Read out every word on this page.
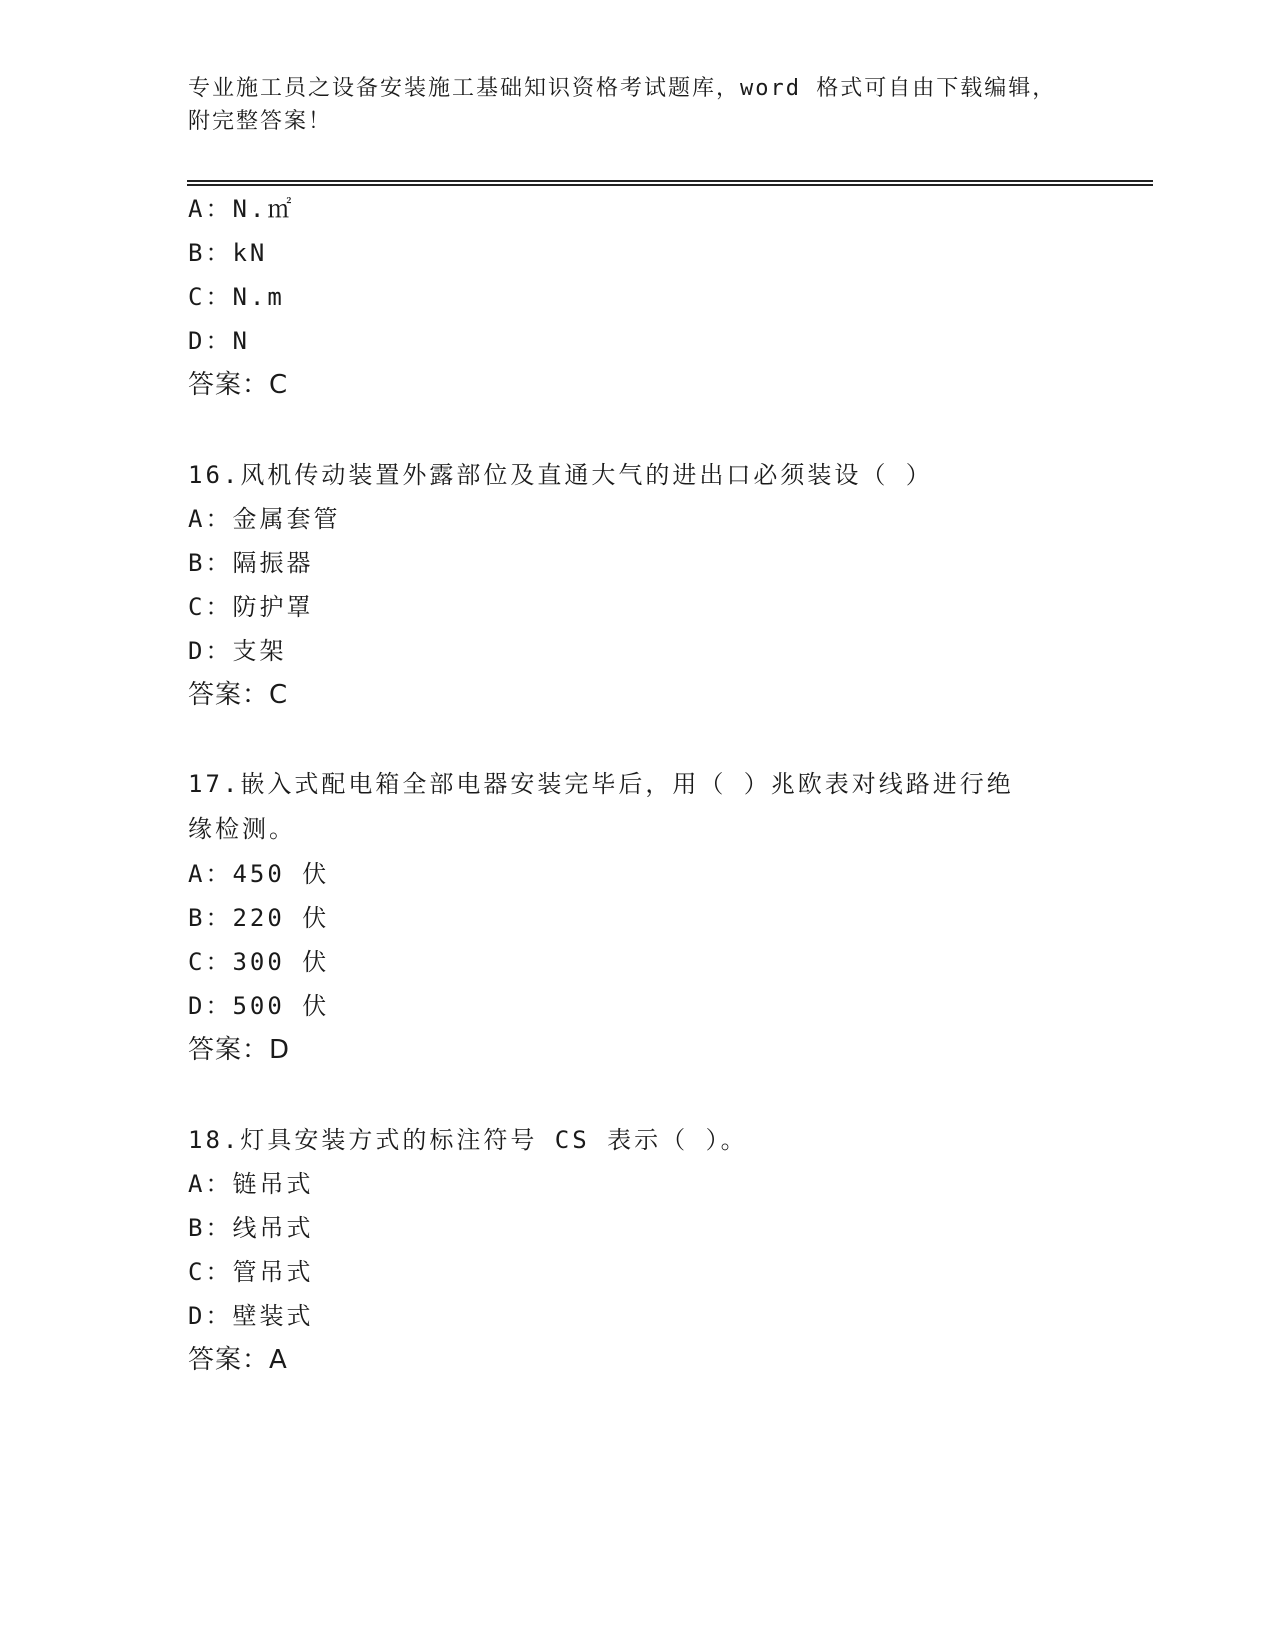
专业施工员之设备安装施工基础知识资格考试题库，word 格式可自由下载编辑，
附完整答案！
A：N.㎡
B：kN
C：N.m
D：N
答案：C
16.风机传动装置外露部位及直通大气的进出口必须装设（ ）
A：金属套管
B：隔振器
C：防护罩
D：支架
答案：C
17.嵌入式配电箱全部电器安装完毕后，用（ ）兆欧表对线路进行绝
缘检测。
A：450 伏
B：220 伏
C：300 伏
D：500 伏
答案：D
18.灯具安装方式的标注符号 CS 表示（ ）。
A：链吊式
B：线吊式
C：管吊式
D：壁装式
答案：A
